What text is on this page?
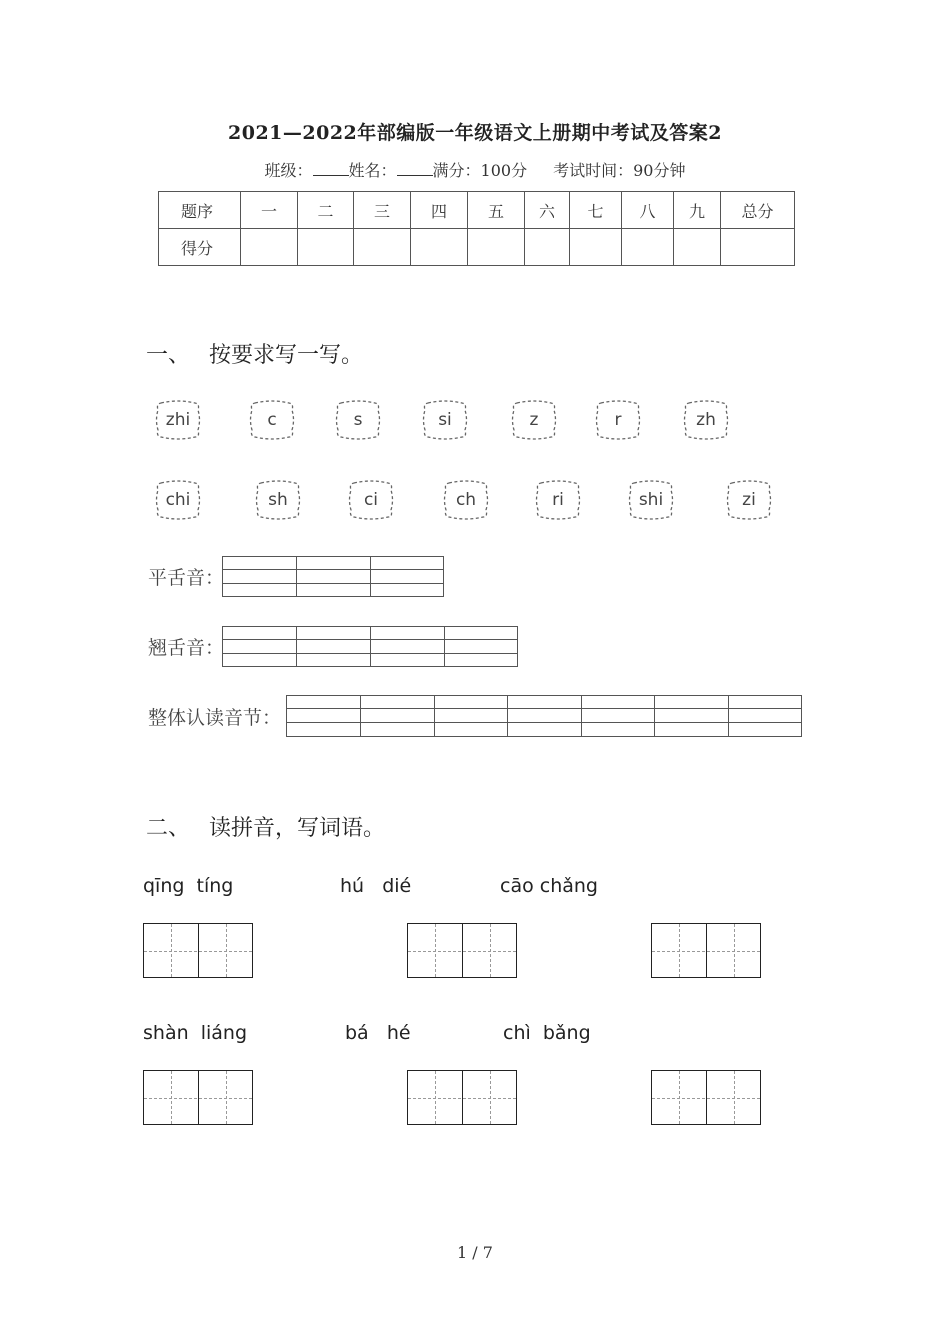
2021—2022年部编版一年级语文上册期中考试及答案2
班级： 姓名： 满分：100分 考试时间：90分钟
题序	一	二	三	四	五	六	七	八	九	总分
得分										
一、 按要求写一写。
zhi	c	s	si	z	r	zh
chi	sh	ci	ch	ri	shi	zi
平舌音：
翘舌音：
整体认读音节：
二、 读拼音，写词语。
qīng  tíng	hú   dié	cāo chǎng
shàn  liáng	bá   hé	chì  bǎng
1 / 7
